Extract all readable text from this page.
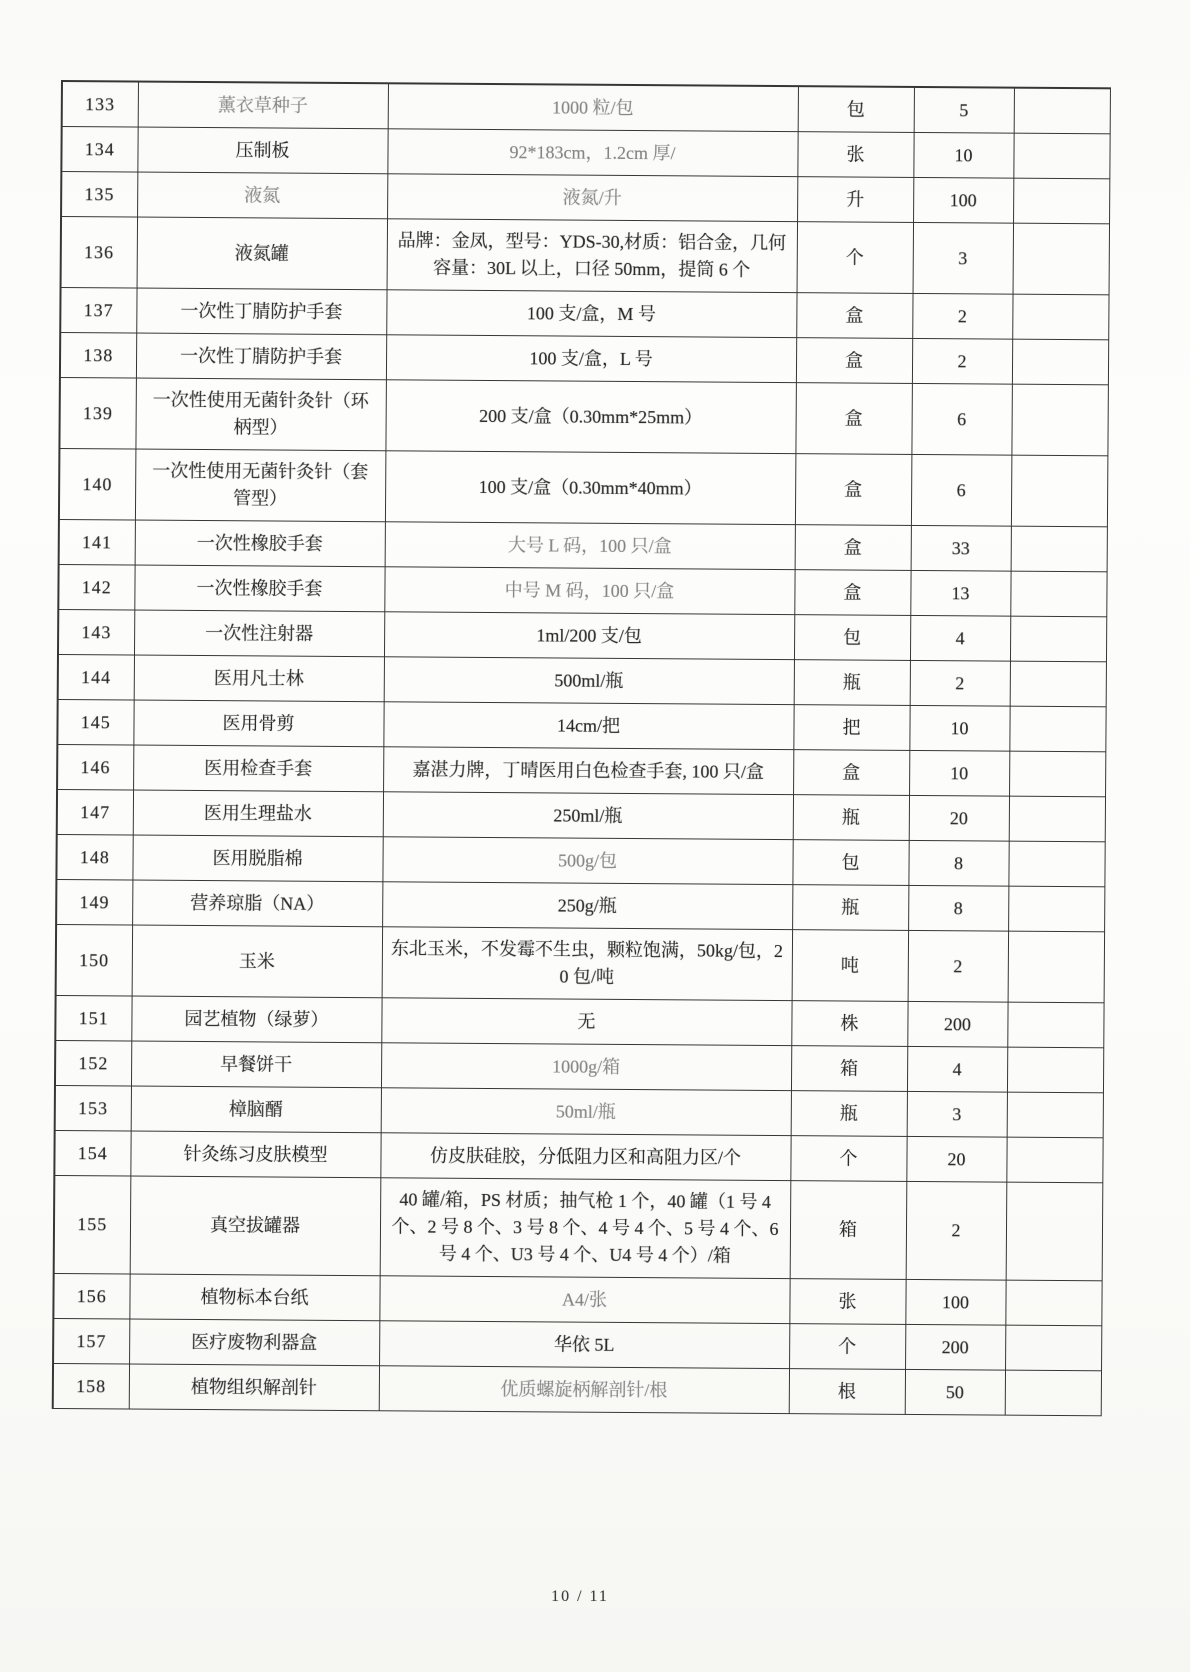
133	薰衣草种子	1000 粒/包	包	5	
134	压制板	92*183cm，1.2cm 厚/	张	10	
135	液氮	液氮/升	升	100	
136	液氮罐	品牌：金凤，型号：YDS-30,材质：铝合金，几何容量：30L 以上，口径 50mm，提筒 6 个	个	3	
137	一次性丁腈防护手套	100 支/盒，M 号	盒	2	
138	一次性丁腈防护手套	100 支/盒，L 号	盒	2	
139	一次性使用无菌针灸针（环柄型）	200 支/盒（0.30mm*25mm）	盒	6	
140	一次性使用无菌针灸针（套管型）	100 支/盒（0.30mm*40mm）	盒	6	
141	一次性橡胶手套	大号 L 码，100 只/盒	盒	33	
142	一次性橡胶手套	中号 M 码，100 只/盒	盒	13	
143	一次性注射器	1ml/200 支/包	包	4	
144	医用凡士林	500ml/瓶	瓶	2	
145	医用骨剪	14cm/把	把	10	
146	医用检查手套	嘉湛力牌，丁晴医用白色检查手套, 100 只/盒	盒	10	
147	医用生理盐水	250ml/瓶	瓶	20	
148	医用脱脂棉	500g/包	包	8	
149	营养琼脂（NA）	250g/瓶	瓶	8	
150	玉米	东北玉米，不发霉不生虫，颗粒饱满，50kg/包，20 包/吨	吨	2	
151	园艺植物（绿萝）	无	株	200	
152	早餐饼干	1000g/箱	箱	4	
153	樟脑醑	50ml/瓶	瓶	3	
154	针灸练习皮肤模型	仿皮肤硅胶，分低阻力区和高阻力区/个	个	20	
155	真空拔罐器	40 罐/箱，PS 材质；抽气枪 1 个，40 罐（1 号 4 个、2 号 8 个、3 号 8 个、4 号 4 个、5 号 4 个、6 号 4 个、U3 号 4 个、U4 号 4 个）/箱	箱	2	
156	植物标本台纸	A4/张	张	100	
157	医疗废物利器盒	华依 5L	个	200	
158	植物组织解剖针	优质螺旋柄解剖针/根	根	50	
10 / 11
